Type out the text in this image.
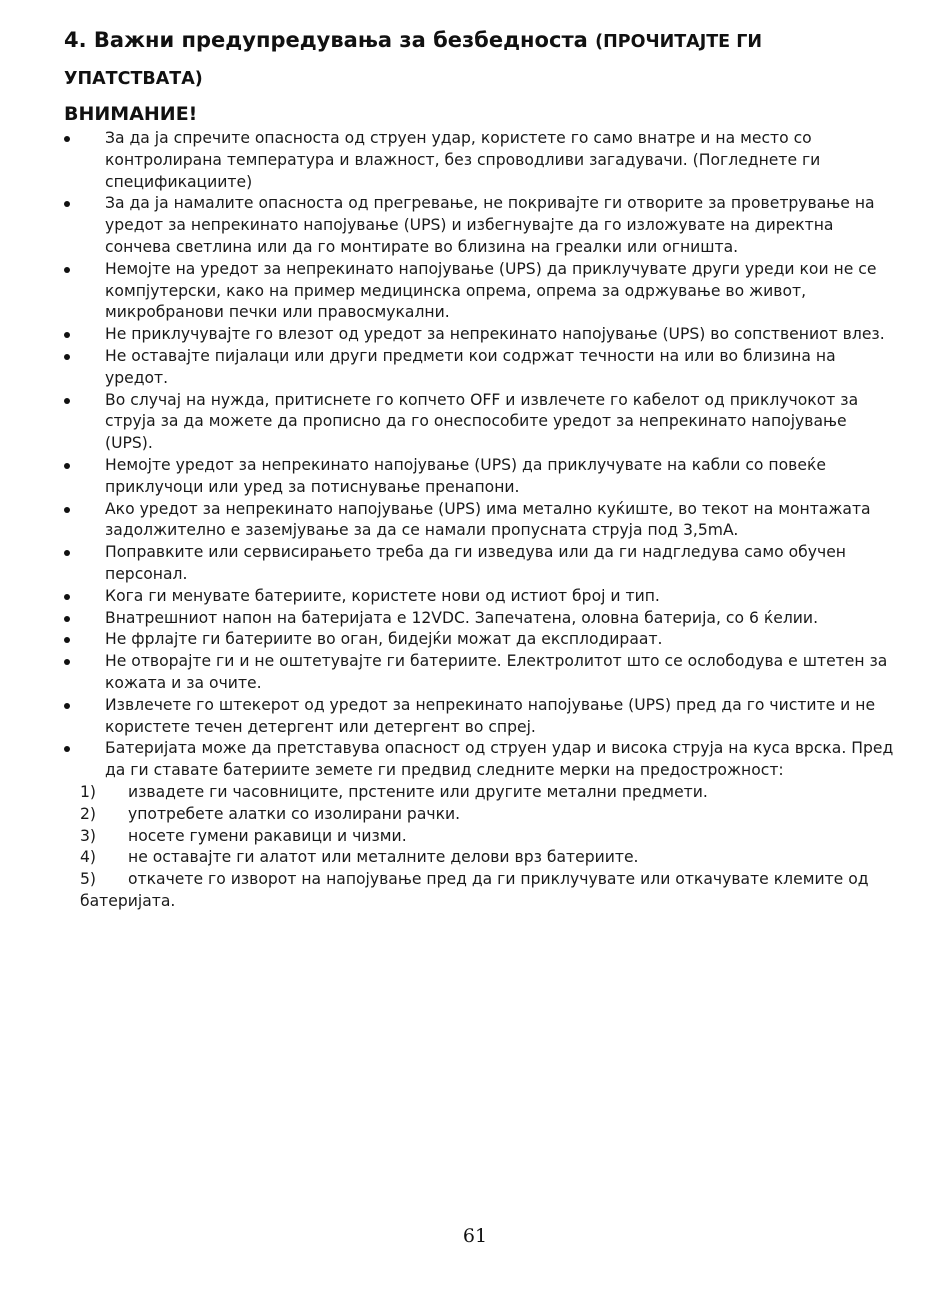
4. Важни предупредувања за безбедноста (ПРОЧИТАЈТЕ ГИ
УПАТСТВАТА)
ВНИМАНИЕ!
За да ја спречите опасноста од струен удар, користете го само внатре и на место со контролирана температура и влажност, без спроводливи загадувачи. (Погледнете ги спецификациите)
За да ја намалите опасноста од прегревање, не покривајте ги отворите за проветрување на уредот за непрекинато напојување (UPS) и избегнувајте да го изложувате на директна сончева светлина или да го монтирате во близина на греалки или огништа.
Немојте на уредот за непрекинато напојување (UPS) да приклучувате други уреди кои не се компјутерски, како на пример медицинска опрема, опрема за одржување во живот, микробранови печки или правосмукални.
Не приклучувајте го влезот од уредот за непрекинато напојување (UPS) во сопствениот влез.
Не оставајте пијалаци или други предмети кои содржат течности на или во близина на уредот.
Во случај на нужда, притиснете го копчето OFF и извлечете го кабелот од приклучокот за струја за да можете да прописно да го онеспособите уредот за непрекинато напојување (UPS).
Немојте уредот за непрекинато напојување (UPS) да приклучувате на кабли со повеќе приклучоци или уред за потиснување пренапони.
Ако уредот за непрекинато напојување (UPS) има метално куќиште, во текот на монтажата задолжително е заземјување за да се намали пропусната струја под 3,5mA.
Поправките или сервисирањето треба да ги изведува или да ги надгледува само обучен персонал.
Кога ги менувате батериите, користете нови од истиот број и тип.
Внатрешниот напон на батеријата е 12VDC. Запечатена, оловна батерија, со 6 ќелии.
Не фрлајте ги батериите во оган, бидејќи можат да експлодираат.
Не отворајте ги и не оштетувајте ги батериите. Електролитот што се ослободува е штетен за кожата и за очите.
Извлечете го штекерот од уредот за непрекинато напојување (UPS) пред да го чистите и не користете течен детергент или детергент во спреј.
Батеријата може да претставува опасност од струен удар и висока струја на куса врска. Пред да ги ставате батериите земете ги предвид следните мерки на предострожност:
1) извадете ги часовниците, прстените или другите метални предмети.
2) употребете алатки со изолирани рачки.
3) носете гумени ракавици и чизми.
4) не оставајте ги алатот или металните делови врз батериите.
5) откачете го изворот на напојување пред да ги приклучувате или откачувате клемите од батеријата.
61
